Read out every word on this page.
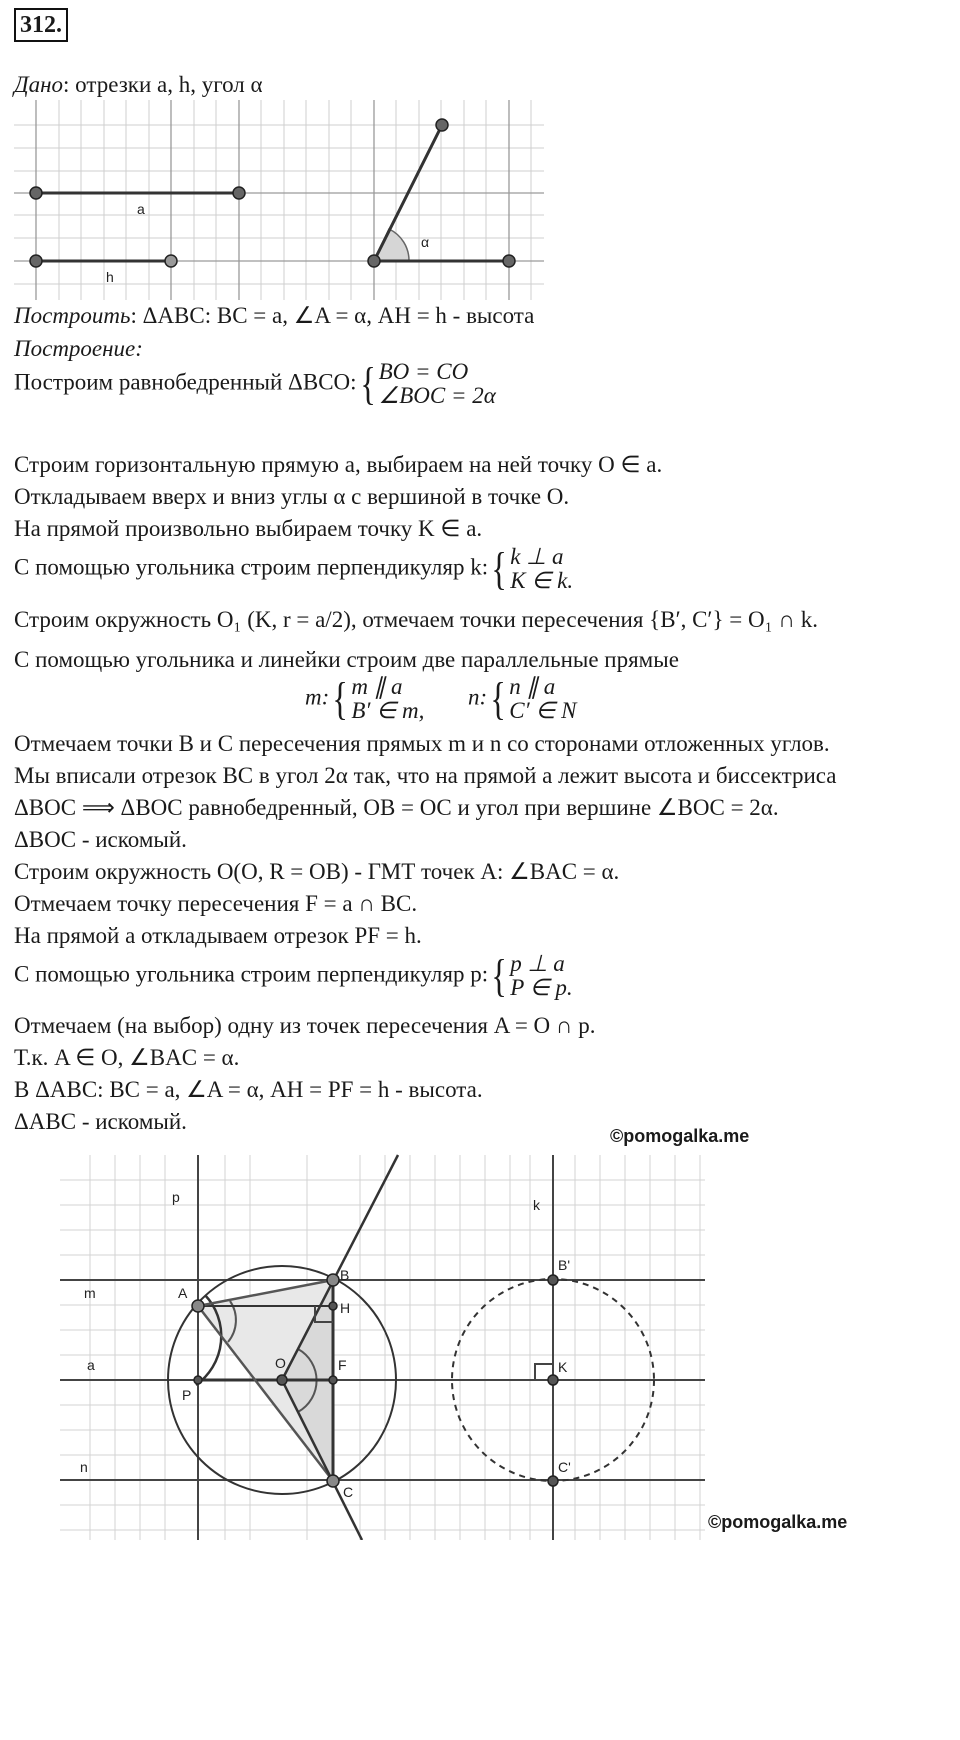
312.
Дано: отрезки a, h, угол α
a
h
α
Построить: ΔABC: BC = a, ∠A = α, AH = h - высота
Построение:
Построим равнобедренный ΔBCO:{ BO = CO
∠BOC = 2α
Строим горизонтальную прямую a, выбираем на ней точку O ∈ a.
Откладываем вверх и вниз углы α с вершиной в точке O.
На прямой произвольно выбираем точку K ∈ a.
С помощью угольника строим перпендикуляр k:{ k ⊥ a
K ∈ k.
Строим окружность O₁ (K, r = a/2), отмечаем точки пересечения {B′, C′} = O₁ ∩ k.
С помощью угольника и линейки строим две параллельные прямые
m:{ m ∥ a
B′ ∈ m,
n:{ n ∥ a
C′ ∈ N
Отмечаем точки B и C пересечения прямых m и n со сторонами отложенных углов.
Мы вписали отрезок BC в угол 2α так, что на прямой a лежит высота и биссектриса
ΔBOC ⟹ ΔBOC равнобедренный, OB = OC и угол при вершине ∠BOC = 2α.
ΔBOC - искомый.
Строим окружность O(O, R = OB) - ГМТ точек A: ∠BAC = α.
Отмечаем точку пересечения F = a ∩ BC.
На прямой a откладываем отрезок PF = h.
С помощью угольника строим перпендикуляр p:{ p ⊥ a
P ∈ p.
Отмечаем (на выбор) одну из точек пересечения A = O ∩ p.
Т.к. A ∈ O, ∠BAC = α.
В ΔABC: BC = a, ∠A = α, AH = PF = h - высота.
ΔABC - искомый.
©pomogalka.me
p	k
m
a
n
A
B
H
O	F
P
C
B'
K
C'
©pomogalka.me
